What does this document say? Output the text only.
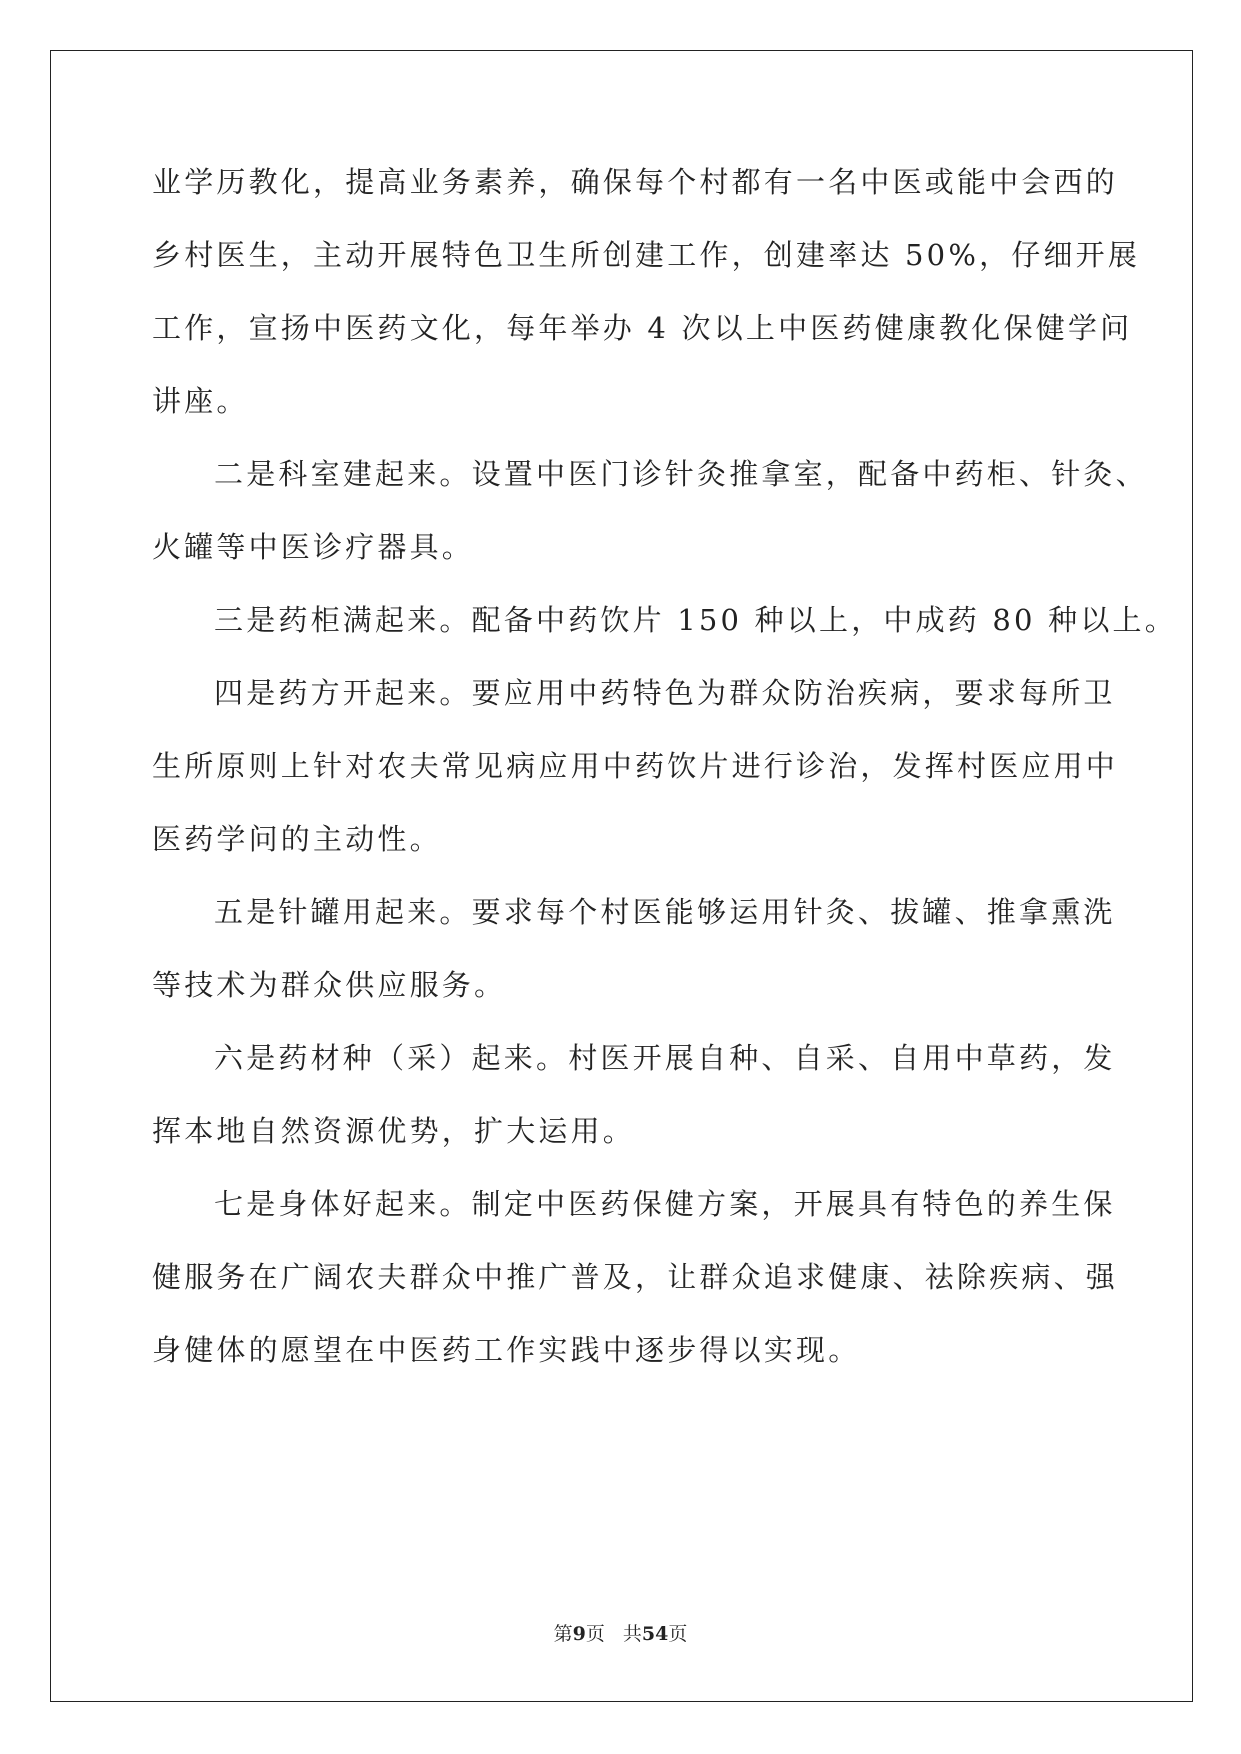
业学历教化，提高业务素养，确保每个村都有一名中医或能中会西的
乡村医生，主动开展特色卫生所创建工作，创建率达 50%，仔细开展
工作，宣扬中医药文化，每年举办 4 次以上中医药健康教化保健学问
讲座。
二是科室建起来。设置中医门诊针灸推拿室，配备中药柜、针灸、
火罐等中医诊疗器具。
三是药柜满起来。配备中药饮片 150 种以上，中成药 80 种以上。
四是药方开起来。要应用中药特色为群众防治疾病，要求每所卫
生所原则上针对农夫常见病应用中药饮片进行诊治，发挥村医应用中
医药学问的主动性。
五是针罐用起来。要求每个村医能够运用针灸、拔罐、推拿熏洗
等技术为群众供应服务。
六是药材种（采）起来。村医开展自种、自采、自用中草药，发
挥本地自然资源优势，扩大运用。
七是身体好起来。制定中医药保健方案，开展具有特色的养生保
健服务在广阔农夫群众中推广普及，让群众追求健康、祛除疾病、强
身健体的愿望在中医药工作实践中逐步得以实现。
第9页 共54页
